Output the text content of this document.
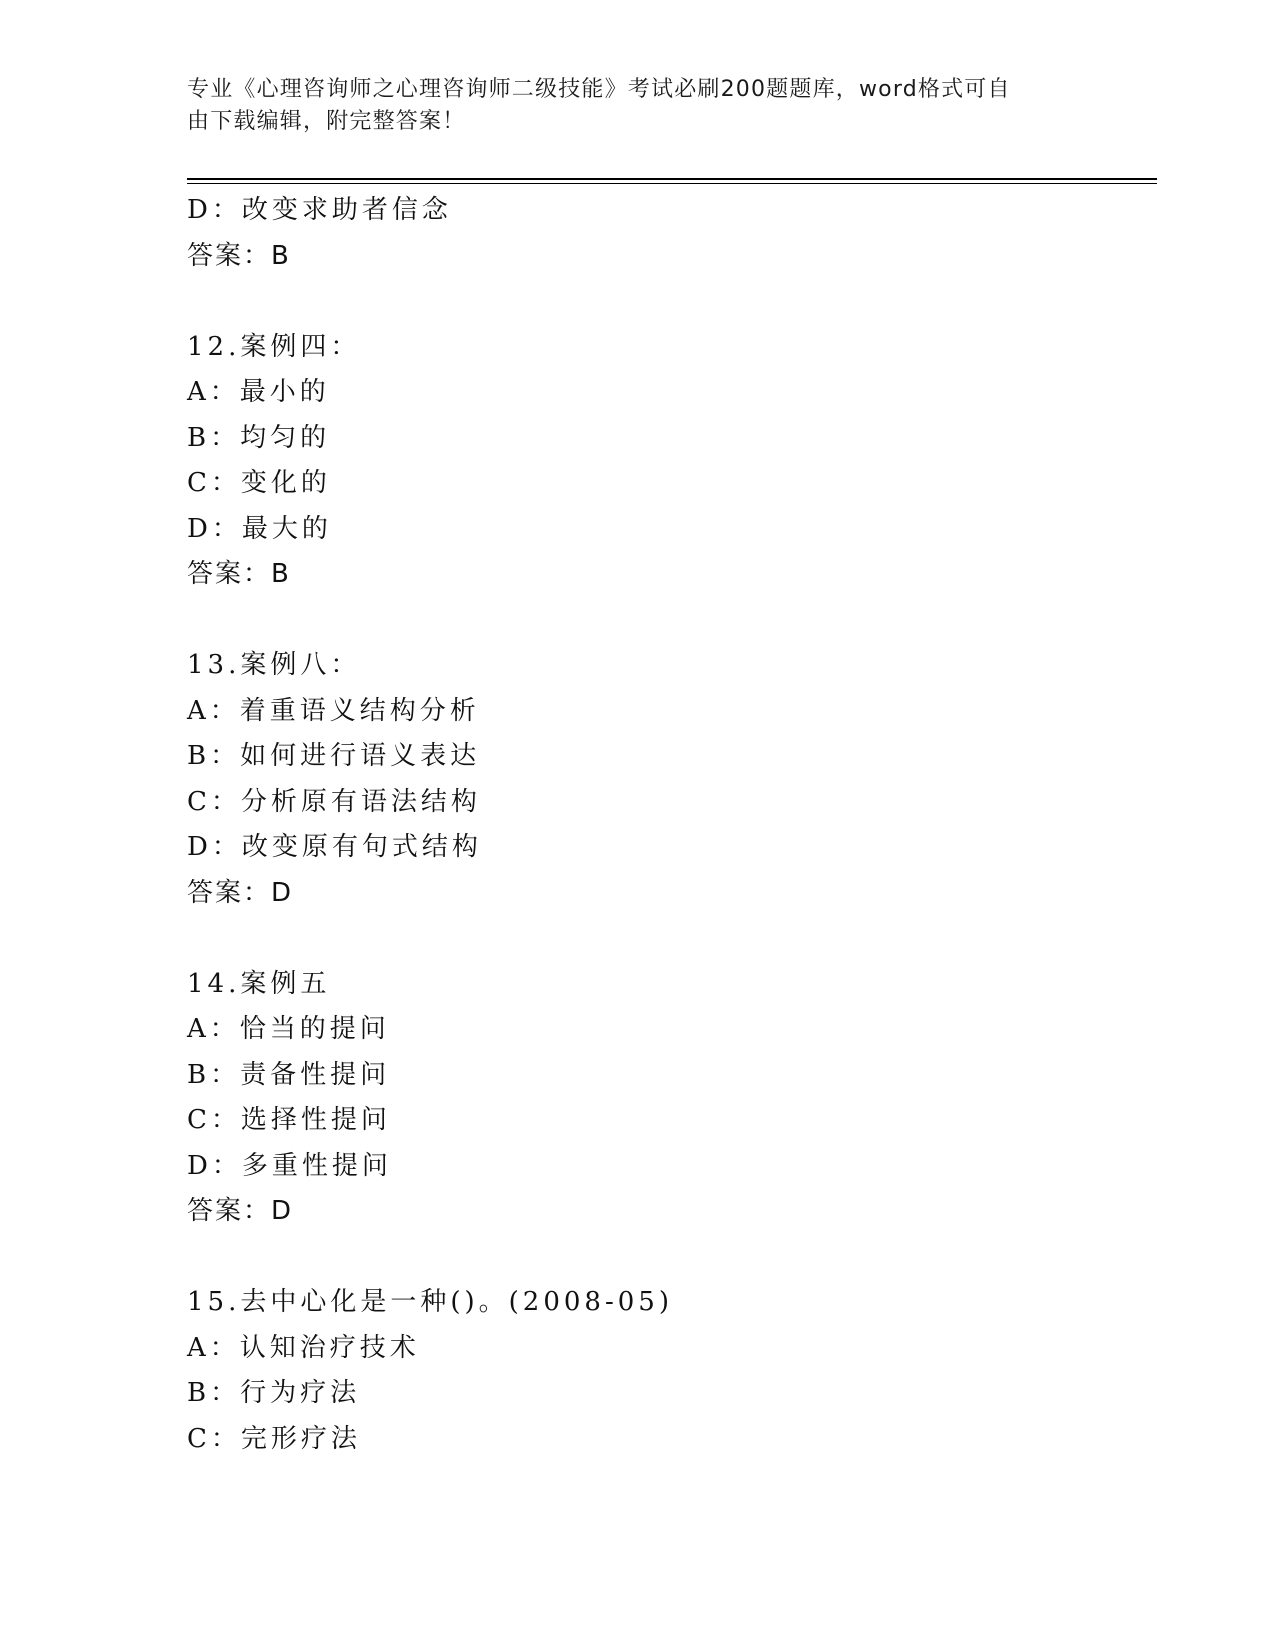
专业《心理咨询师之心理咨询师二级技能》考试必刷200题题库，word格式可自
由下载编辑，附完整答案！
D：改变求助者信念
答案：B
12.案例四：
A：最小的
B：均匀的
C：变化的
D：最大的
答案：B
13.案例八：
A：着重语义结构分析
B：如何进行语义表达
C：分析原有语法结构
D：改变原有句式结构
答案：D
14.案例五
A：恰当的提问
B：责备性提问
C：选择性提问
D：多重性提问
答案：D
15.去中心化是一种()。(2008-05)
A：认知治疗技术
B：行为疗法
C：完形疗法
